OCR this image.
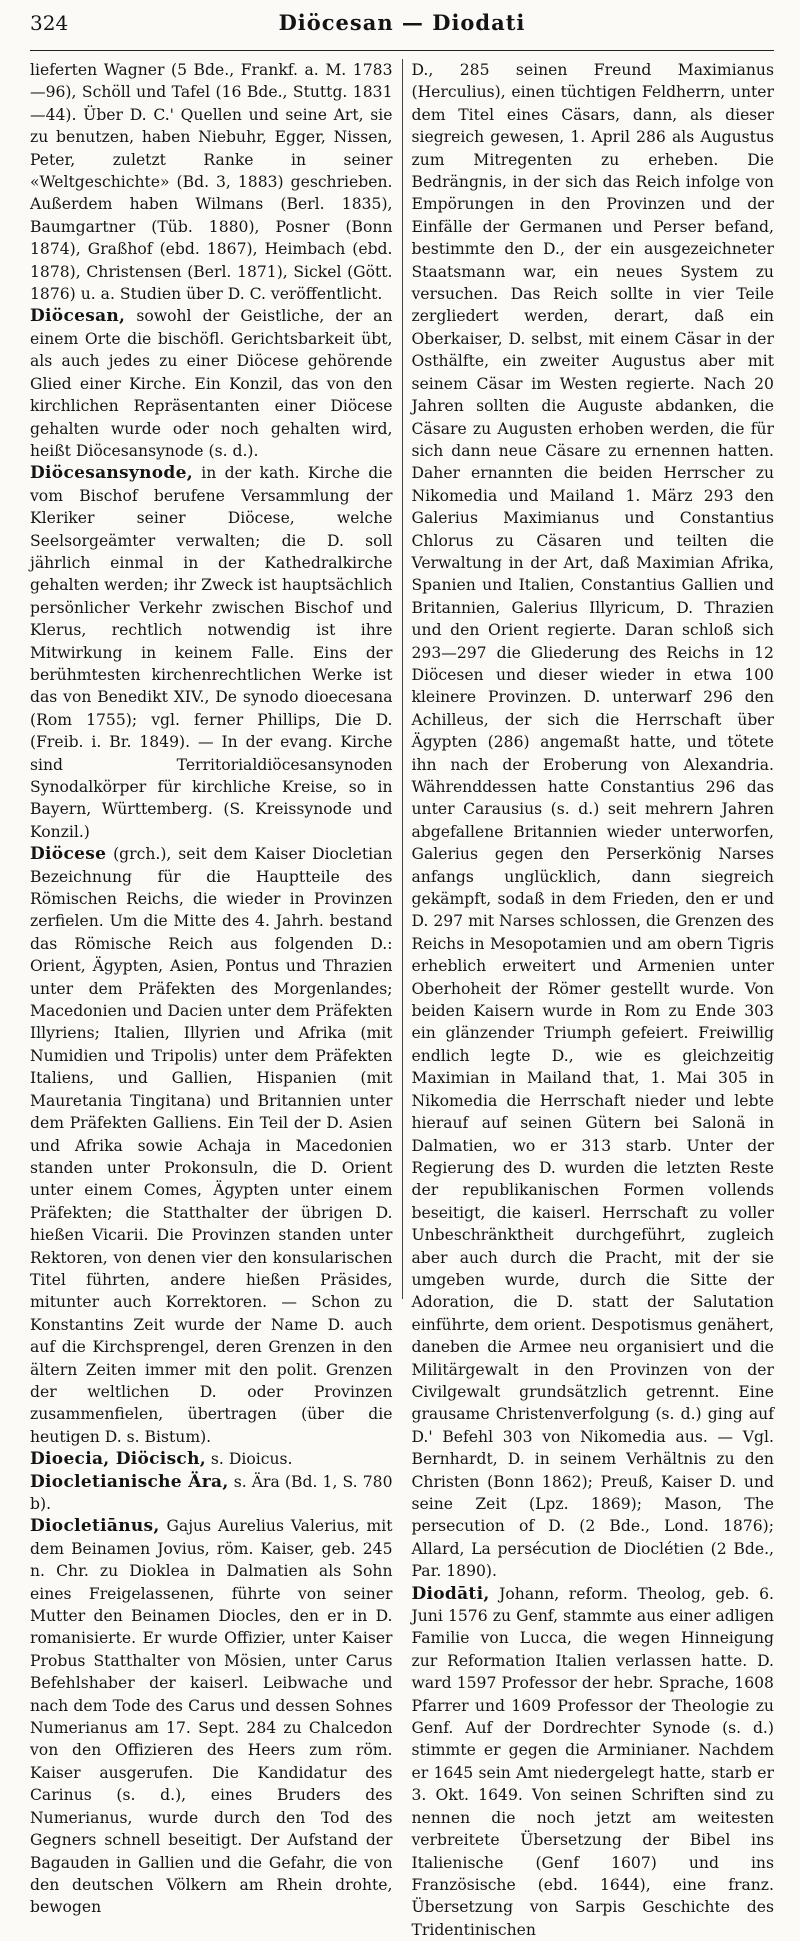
324	Diöcesan — Diodati

lieferten Wagner (5 Bde., Frankf. a. M. 1783—96), Schöll und Tafel (16 Bde., Stuttg. 1831—44). Über D. C.' Quellen und seine Art, sie zu benutzen, haben Niebuhr, Egger, Nissen, Peter, zuletzt Ranke in seiner «Weltgeschichte» (Bd. 3, 1883) geschrieben. Außerdem haben Wilmans (Berl. 1835), Baumgartner (Tüb. 1880), Posner (Bonn 1874), Graßhof (ebd. 1867), Heimbach (ebd. 1878), Christensen (Berl. 1871), Sickel (Gött. 1876) u. a. Studien über D. C. veröffentlicht.

Diöcesan, sowohl der Geistliche, der an einem Orte die bischöfl. Gerichtsbarkeit übt, als auch jedes zu einer Diöcese gehörende Glied einer Kirche. Ein Konzil, das von den kirchlichen Repräsentanten einer Diöcese gehalten wurde oder noch gehalten wird, heißt Diöcesansynode (s. d.).

Diöcesansynode, in der kath. Kirche die vom Bischof berufene Versammlung der Kleriker seiner Diöcese, welche Seelsorgeämter verwalten; die D. soll jährlich einmal in der Kathedralkirche gehalten werden; ihr Zweck ist hauptsächlich persönlicher Verkehr zwischen Bischof und Klerus, rechtlich notwendig ist ihre Mitwirkung in keinem Falle. Eins der berühmtesten kirchenrechtlichen Werke ist das von Benedikt XIV., De synodo dioecesana (Rom 1755); vgl. ferner Phillips, Die D. (Freib. i. Br. 1849). — In der evang. Kirche sind Territorialdiöcesansynoden Synodalkörper für kirchliche Kreise, so in Bayern, Württemberg. (S. Kreissynode und Konzil.)

Diöcese (grch.), seit dem Kaiser Diocletian Bezeichnung für die Hauptteile des Römischen Reichs, die wieder in Provinzen zerfielen. Um die Mitte des 4. Jahrh. bestand das Römische Reich aus folgenden D.: Orient, Ägypten, Asien, Pontus und Thrazien unter dem Präfekten des Morgenlandes; Macedonien und Dacien unter dem Präfekten Illyriens; Italien, Illyrien und Afrika (mit Numidien und Tripolis) unter dem Präfekten Italiens, und Gallien, Hispanien (mit Mauretania Tingitana) und Britannien unter dem Präfekten Galliens. Ein Teil der D. Asien und Afrika sowie Achaja in Macedonien standen unter Prokonsuln, die D. Orient unter einem Comes, Ägypten unter einem Präfekten; die Statthalter der übrigen D. hießen Vicarii. Die Provinzen standen unter Rektoren, von denen vier den konsularischen Titel führten, andere hießen Präsides, mitunter auch Korrektoren. — Schon zu Konstantins Zeit wurde der Name D. auch auf die Kirchsprengel, deren Grenzen in den ältern Zeiten immer mit den polit. Grenzen der weltlichen D. oder Provinzen zusammenfielen, übertragen (über die heutigen D. s. Bistum).

Dioecia, Diöcisch, s. Dioicus.

Diocletianische Ära, s. Ära (Bd. 1, S. 780 b).

Diocletiānus, Gajus Aurelius Valerius, mit dem Beinamen Jovius, röm. Kaiser, geb. 245 n. Chr. zu Dioklea in Dalmatien als Sohn eines Freigelassenen, führte von seiner Mutter den Beinamen Diocles, den er in D. romanisierte. Er wurde Offizier, unter Kaiser Probus Statthalter von Mösien, unter Carus Befehlshaber der kaiserl. Leibwache und nach dem Tode des Carus und dessen Sohnes Numerianus am 17. Sept. 284 zu Chalcedon von den Offizieren des Heers zum röm. Kaiser ausgerufen. Die Kandidatur des Carinus (s. d.), eines Bruders des Numerianus, wurde durch den Tod des Gegners schnell beseitigt. Der Aufstand der Bagauden in Gallien und die Gefahr, die von den deutschen Völkern am Rhein drohte, bewogen

D., 285 seinen Freund Maximianus (Herculius), einen tüchtigen Feldherrn, unter dem Titel eines Cäsars, dann, als dieser siegreich gewesen, 1. April 286 als Augustus zum Mitregenten zu erheben. Die Bedrängnis, in der sich das Reich infolge von Empörungen in den Provinzen und der Einfälle der Germanen und Perser befand, bestimmte den D., der ein ausgezeichneter Staatsmann war, ein neues System zu versuchen. Das Reich sollte in vier Teile zergliedert werden, derart, daß ein Oberkaiser, D. selbst, mit einem Cäsar in der Osthälfte, ein zweiter Augustus aber mit seinem Cäsar im Westen regierte. Nach 20 Jahren sollten die Auguste abdanken, die Cäsare zu Augusten erhoben werden, die für sich dann neue Cäsare zu ernennen hatten. Daher ernannten die beiden Herrscher zu Nikomedia und Mailand 1. März 293 den Galerius Maximianus und Constantius Chlorus zu Cäsaren und teilten die Verwaltung in der Art, daß Maximian Afrika, Spanien und Italien, Constantius Gallien und Britannien, Galerius Illyricum, D. Thrazien und den Orient regierte. Daran schloß sich 293—297 die Gliederung des Reichs in 12 Diöcesen und dieser wieder in etwa 100 kleinere Provinzen. D. unterwarf 296 den Achilleus, der sich die Herrschaft über Ägypten (286) angemaßt hatte, und tötete ihn nach der Eroberung von Alexandria. Währenddessen hatte Constantius 296 das unter Carausius (s. d.) seit mehrern Jahren abgefallene Britannien wieder unterworfen, Galerius gegen den Perserkönig Narses anfangs unglücklich, dann siegreich gekämpft, sodaß in dem Frieden, den er und D. 297 mit Narses schlossen, die Grenzen des Reichs in Mesopotamien und am obern Tigris erheblich erweitert und Armenien unter Oberhoheit der Römer gestellt wurde. Von beiden Kaisern wurde in Rom zu Ende 303 ein glänzender Triumph gefeiert. Freiwillig endlich legte D., wie es gleichzeitig Maximian in Mailand that, 1. Mai 305 in Nikomedia die Herrschaft nieder und lebte hierauf auf seinen Gütern bei Salonä in Dalmatien, wo er 313 starb. Unter der Regierung des D. wurden die letzten Reste der republikanischen Formen vollends beseitigt, die kaiserl. Herrschaft zu voller Unbeschränktheit durchgeführt, zugleich aber auch durch die Pracht, mit der sie umgeben wurde, durch die Sitte der Adoration, die D. statt der Salutation einführte, dem orient. Despotismus genähert, daneben die Armee neu organisiert und die Militärgewalt in den Provinzen von der Civilgewalt grundsätzlich getrennt. Eine grausame Christenverfolgung (s. d.) ging auf D.' Befehl 303 von Nikomedia aus. — Vgl. Bernhardt, D. in seinem Verhältnis zu den Christen (Bonn 1862); Preuß, Kaiser D. und seine Zeit (Lpz. 1869); Mason, The persecution of D. (2 Bde., Lond. 1876); Allard, La persécution de Dioclétien (2 Bde., Par. 1890).

Diodāti, Johann, reform. Theolog, geb. 6. Juni 1576 zu Genf, stammte aus einer adligen Familie von Lucca, die wegen Hinneigung zur Reformation Italien verlassen hatte. D. ward 1597 Professor der hebr. Sprache, 1608 Pfarrer und 1609 Professor der Theologie zu Genf. Auf der Dordrechter Synode (s. d.) stimmte er gegen die Arminianer. Nachdem er 1645 sein Amt niedergelegt hatte, starb er 3. Okt. 1649. Von seinen Schriften sind zu nennen die noch jetzt am weitesten verbreitete Übersetzung der Bibel ins Italienische (Genf 1607) und ins Französische (ebd. 1644), eine franz. Übersetzung von Sarpis Geschichte des Tridentinischen
